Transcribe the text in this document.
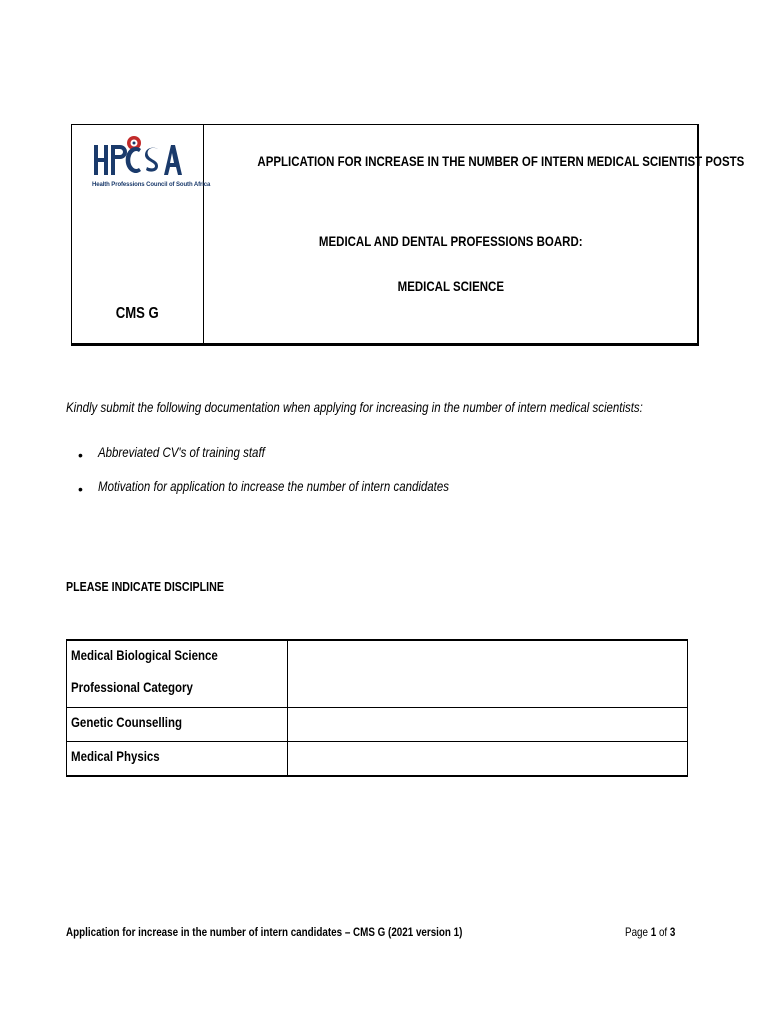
Health Professions Council of South Africa
CMS G
APPLICATION FOR INCREASE IN THE NUMBER OF INTERN MEDICAL SCIENTIST POSTS
MEDICAL AND DENTAL PROFESSIONS BOARD:
MEDICAL SCIENCE
Kindly submit the following documentation when applying for increasing in the number of intern medical scientists:
• Abbreviated CV's of training staff
• Motivation for application to increase the number of intern candidates
PLEASE INDICATE DISCIPLINE
Medical Biological Science
Professional Category	

Genetic Counselling	

Medical Physics	

Application for increase in the number of intern candidates – CMS G (2021 version 1)	Page 1 of 3
